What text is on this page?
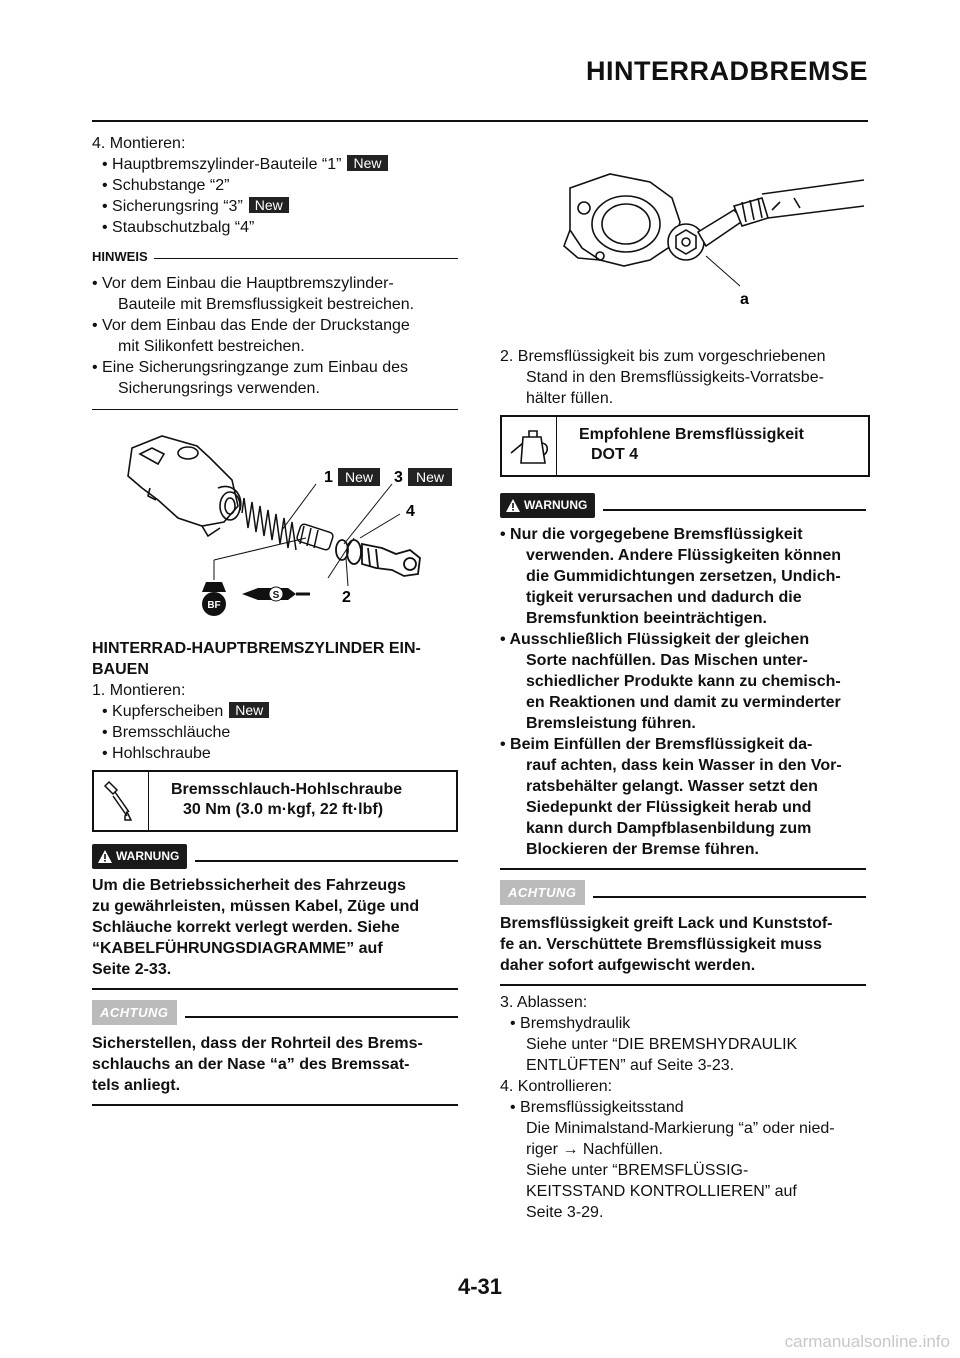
HINTERRADBREMSE
4. Montieren:
• Hauptbremszylinder-Bauteile “1” New
• Schubstange “2”
• Sicherungsring “3” New
• Staubschutzbalg “4”
HINWEIS
• Vor dem Einbau die Hauptbremszylinder-
Bauteile mit Bremsflussigkeit bestreichen.
• Vor dem Einbau das Ende der Druckstange
mit Silikonfett bestreichen.
• Eine Sicherungsringzange zum Einbau des
Sicherungsrings verwenden.
BF
S
1 New 3 New
4
2
HINTERRAD-HAUPTBREMSZYLINDER EIN-
BAUEN
1. Montieren:
• Kupferscheiben New
• Bremsschläuche
• Hohlschraube
Bremsschlauch-Hohlschraube
30 Nm (3.0 m·kgf, 22 ft·lbf)
WARNUNG
Um die Betriebssicherheit des Fahrzeugs
zu gewährleisten, müssen Kabel, Züge und
Schläuche korrekt verlegt werden. Siehe
“KABELFÜHRUNGSDIAGRAMME” auf
Seite 2-33.
ACHTUNG
Sicherstellen, dass der Rohrteil des Brems-
schlauchs an der Nase “a” des Bremssat-
tels anliegt.
a
2. Bremsflüssigkeit bis zum vorgeschriebenen
Stand in den Bremsflüssigkeits-Vorratsbe-
hälter füllen.
Empfohlene Bremsflüssigkeit
DOT 4
WARNUNG
• Nur die vorgegebene Bremsflüssigkeit
verwenden. Andere Flüssigkeiten können
die Gummidichtungen zersetzen, Undich-
tigkeit verursachen und dadurch die
Bremsfunktion beeinträchtigen.
• Ausschließlich Flüssigkeit der gleichen
Sorte nachfüllen. Das Mischen unter-
schiedlicher Produkte kann zu chemisch-
en Reaktionen und damit zu verminderter
Bremsleistung führen.
• Beim Einfüllen der Bremsflüssigkeit da-
rauf achten, dass kein Wasser in den Vor-
ratsbehälter gelangt. Wasser setzt den
Siedepunkt der Flüssigkeit herab und
kann durch Dampfblasenbildung zum
Blockieren der Bremse führen.
ACHTUNG
Bremsflüssigkeit greift Lack und Kunststof-
fe an. Verschüttete Bremsflüssigkeit muss
daher sofort aufgewischt werden.
3. Ablassen:
• Bremshydraulik
Siehe unter “DIE BREMSHYDRAULIK
ENTLÜFTEN” auf Seite 3-23.
4. Kontrollieren:
• Bremsflüssigkeitsstand
Die Minimalstand-Markierung “a” oder nied-
riger → Nachfüllen.
Siehe unter “BREMSFLÜSSIG-
KEITSSTAND KONTROLLIEREN” auf
Seite 3-29.
4-31
carmanualsonline.info
